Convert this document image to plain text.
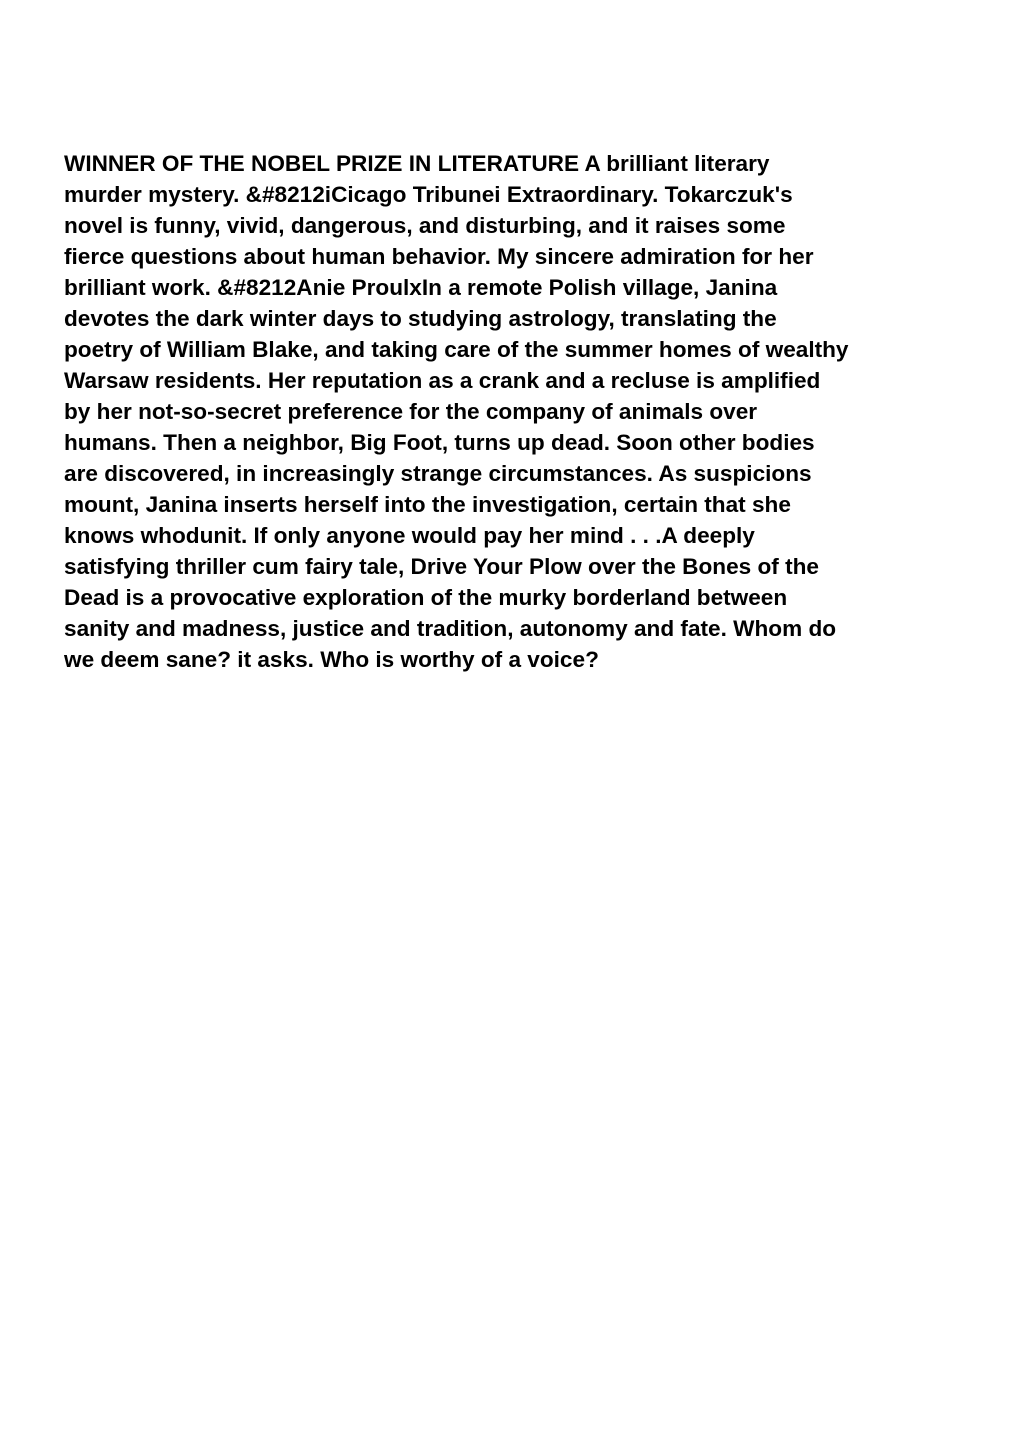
WINNER OF THE NOBEL PRIZE IN LITERATURE A brilliant literary
murder mystery. &#8212iCicago Tribunei Extraordinary. Tokarczuk's
novel is funny, vivid, dangerous, and disturbing, and it raises some
fierce questions about human behavior. My sincere admiration for her
brilliant work. &#8212Anie ProulxIn a remote Polish village, Janina
devotes the dark winter days to studying astrology, translating the
poetry of William Blake, and taking care of the summer homes of wealthy
Warsaw residents. Her reputation as a crank and a recluse is amplified
by her not-so-secret preference for the company of animals over
humans. Then a neighbor, Big Foot, turns up dead. Soon other bodies
are discovered, in increasingly strange circumstances. As suspicions
mount, Janina inserts herself into the investigation, certain that she
knows whodunit. If only anyone would pay her mind . . .A deeply
satisfying thriller cum fairy tale, Drive Your Plow over the Bones of the
Dead is a provocative exploration of the murky borderland between
sanity and madness, justice and tradition, autonomy and fate. Whom do
we deem sane? it asks. Who is worthy of a voice?
